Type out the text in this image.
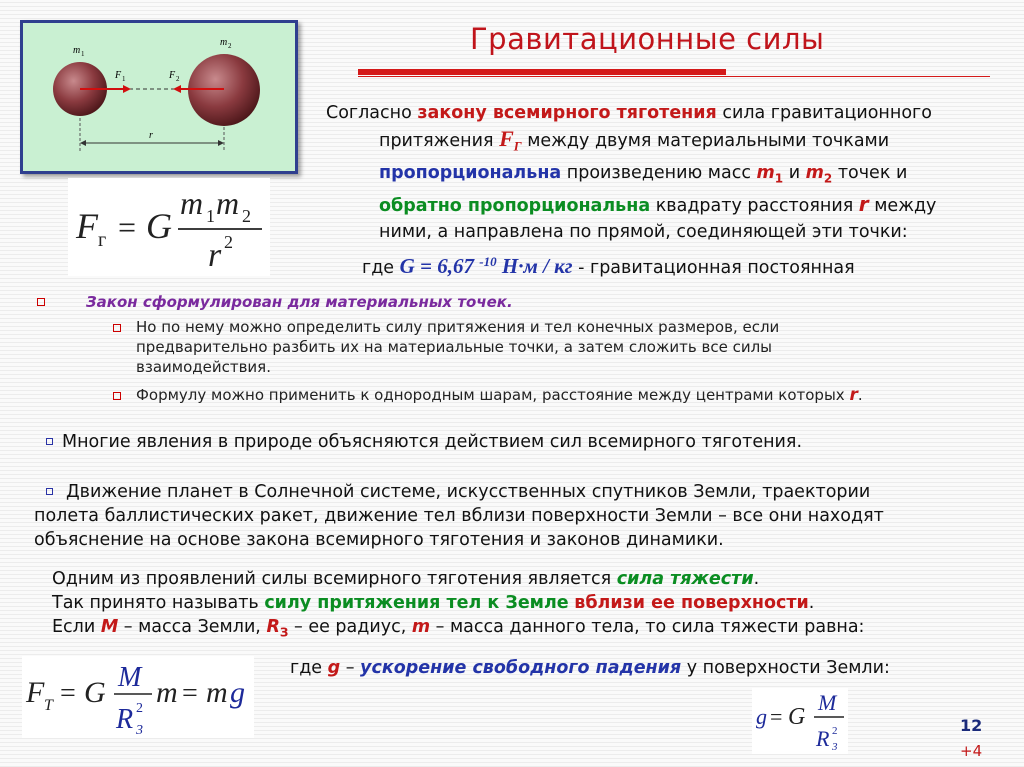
Гравитационные силы
m 1
m 2
F 1	F 2
r
Согласно закону всемирного тяготения сила гравитационного
притяжения $F_Г$ между двумя материальными точками
пропорциональна произведению масс $m_1$ и $m_2$ точек и
обратно пропорциональна квадрату расстояния r между
ними, а направлена по прямой, соединяющей эти точки:
F г = G
m 1 m 2
r 2
где G = 6,67 $^{-10}$ Н·м / кг - гравитационная постоянная
Закон сформулирован для материальных точек.
Но по нему можно определить силу притяжения и тел конечных размеров, если
предварительно разбить их на материальные точки, а затем сложить все силы
взаимодействия.
Формулу можно применить к однородным шарам, расстояние между центрами которых r.
Многие явления в природе объясняются действием сил всемирного тяготения.
Движение планет в Солнечной системе, искусственных спутников Земли, траектории
полета баллистических ракет, движение тел вблизи поверхности Земли – все они находят
объяснение на основе закона всемирного тяготения и законов динамики.
Одним из проявлений силы всемирного тяготения является сила тяжести.
Так принято называть силу притяжения тел к Земле вблизи ее поверхности.
Если M – масса Земли, $R_З$ – ее радиус, m – масса данного тела, то сила тяжести равна:
F T = G M
R 2
3
m = m g
где g – ускорение свободного падения у поверхности Земли:
g = G
M
R 2
3
12
+4
